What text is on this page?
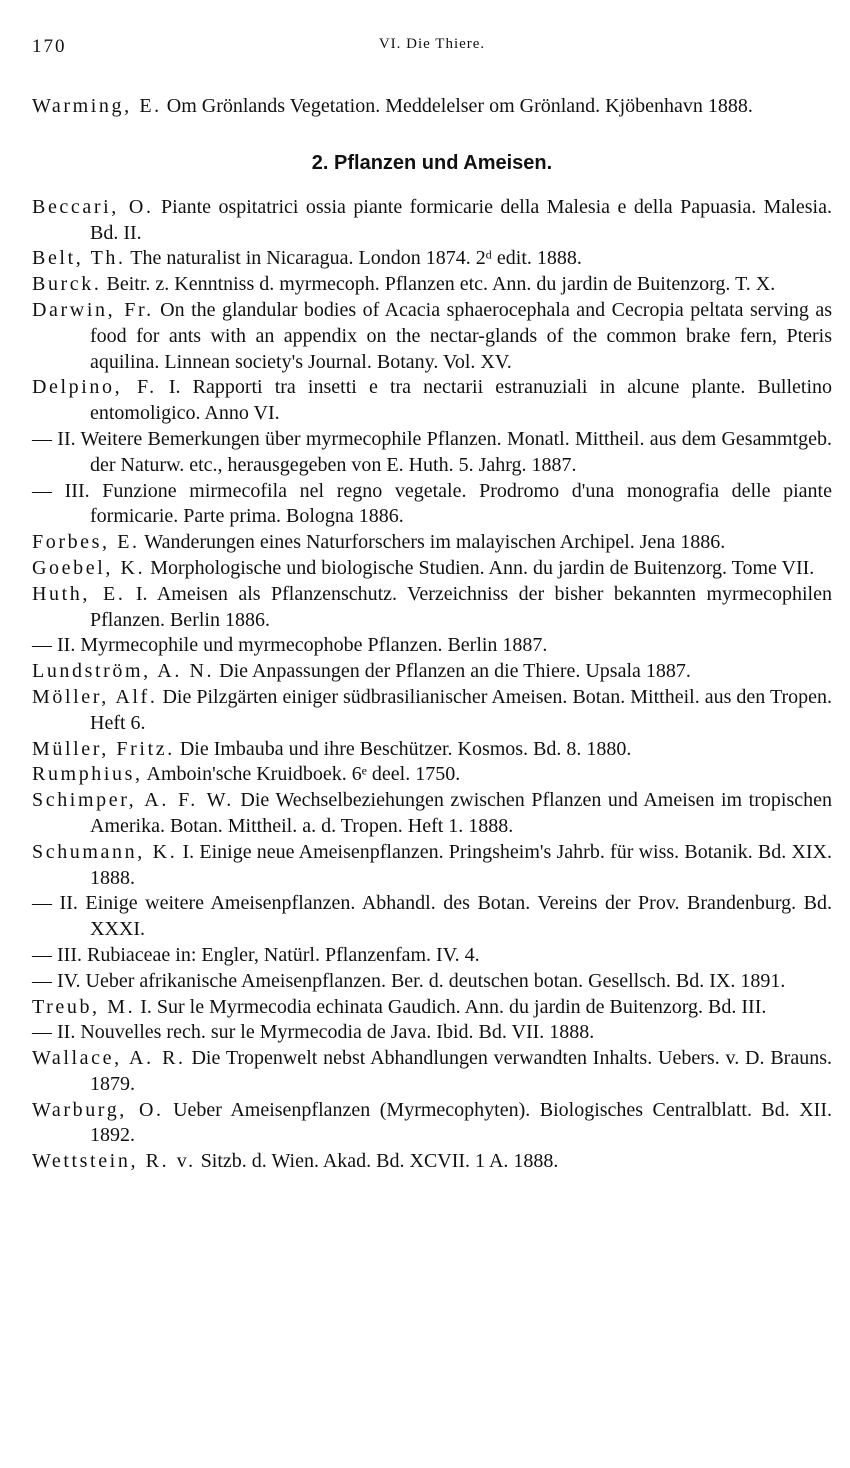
170	VI. Die Thiere.
Warming, E. Om Grönlands Vegetation. Meddelelser om Grönland. Kjöbenhavn 1888.
2. Pflanzen und Ameisen.
Beccari, O. Piante ospitatrici ossia piante formicarie della Malesia e della Papuasia. Malesia. Bd. II.
Belt, Th. The naturalist in Nicaragua. London 1874. 2ᵈ edit. 1888.
Burck. Beitr. z. Kenntniss d. myrmecoph. Pflanzen etc. Ann. du jardin de Buitenzorg. T. X.
Darwin, Fr. On the glandular bodies of Acacia sphaerocephala and Cecropia peltata serving as food for ants with an appendix on the nectar-glands of the common brake fern, Pteris aquilina. Linnean society's Journal. Botany. Vol. XV.
Delpino, F. I. Rapporti tra insetti e tra nectarii estranuziali in alcune plante. Bulletino entomoligico. Anno VI.
— II. Weitere Bemerkungen über myrmecophile Pflanzen. Monatl. Mittheil. aus dem Gesammtgeb. der Naturw. etc., herausgegeben von E. Huth. 5. Jahrg. 1887.
— III. Funzione mirmecofila nel regno vegetale. Prodromo d'una monografia delle piante formicarie. Parte prima. Bologna 1886.
Forbes, E. Wanderungen eines Naturforschers im malayischen Archipel. Jena 1886.
Goebel, K. Morphologische und biologische Studien. Ann. du jardin de Buitenzorg. Tome VII.
Huth, E. I. Ameisen als Pflanzenschutz. Verzeichniss der bisher bekannten myrmecophilen Pflanzen. Berlin 1886.
— II. Myrmecophile und myrmecophobe Pflanzen. Berlin 1887.
Lundström, A. N. Die Anpassungen der Pflanzen an die Thiere. Upsala 1887.
Möller, Alf. Die Pilzgärten einiger südbrasilianischer Ameisen. Botan. Mittheil. aus den Tropen. Heft 6.
Müller, Fritz. Die Imbauba und ihre Beschützer. Kosmos. Bd. 8. 1880.
Rumphius, Amboin'sche Kruidboek. 6ᵉ deel. 1750.
Schimper, A. F. W. Die Wechselbeziehungen zwischen Pflanzen und Ameisen im tropischen Amerika. Botan. Mittheil. a. d. Tropen. Heft 1. 1888.
Schumann, K. I. Einige neue Ameisenpflanzen. Pringsheim's Jahrb. für wiss. Botanik. Bd. XIX. 1888.
— II. Einige weitere Ameisenpflanzen. Abhandl. des Botan. Vereins der Prov. Brandenburg. Bd. XXXI.
— III. Rubiaceae in: Engler, Natürl. Pflanzenfam. IV. 4.
— IV. Ueber afrikanische Ameisenpflanzen. Ber. d. deutschen botan. Gesellsch. Bd. IX. 1891.
Treub, M. I. Sur le Myrmecodia echinata Gaudich. Ann. du jardin de Buitenzorg. Bd. III.
— II. Nouvelles rech. sur le Myrmecodia de Java. Ibid. Bd. VII. 1888.
Wallace, A. R. Die Tropenwelt nebst Abhandlungen verwandten Inhalts. Uebers. v. D. Brauns. 1879.
Warburg, O. Ueber Ameisenpflanzen (Myrmecophyten). Biologisches Centralblatt. Bd. XII. 1892.
Wettstein, R. v. Sitzb. d. Wien. Akad. Bd. XCVII. 1 A. 1888.
